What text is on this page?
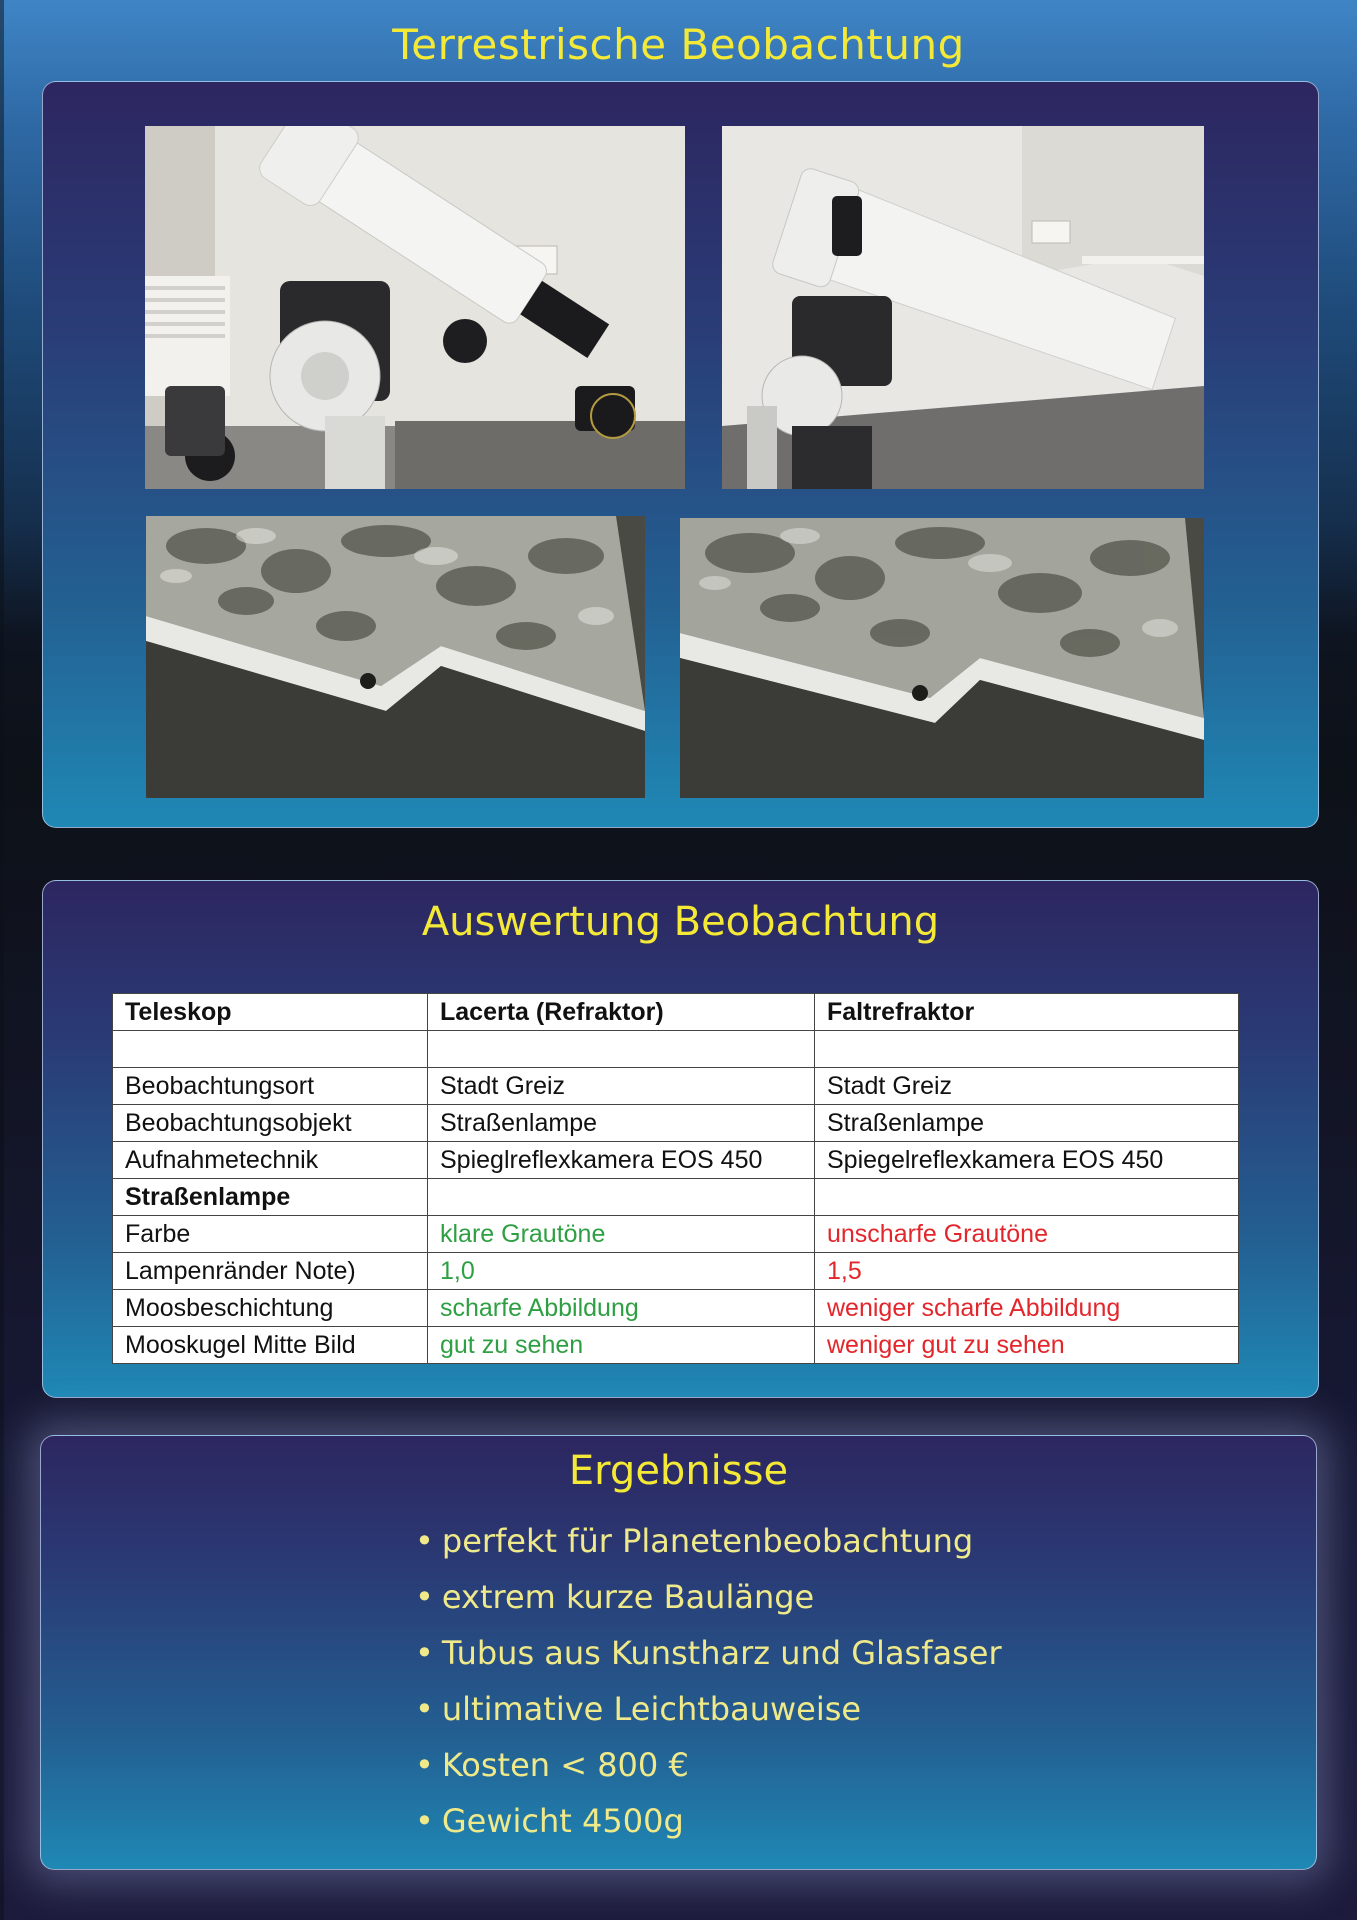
Terrestrische Beobachtung
Auswertung Beobachtung
Teleskop	Lacerta (Refraktor)	Faltrefraktor

Beobachtungsort	Stadt Greiz	Stadt Greiz
Beobachtungsobjekt	Straßenlampe	Straßenlampe
Aufnahmetechnik	Spieglreflexkamera EOS 450	Spiegelreflexkamera EOS 450
Straßenlampe		
Farbe	klare Grautöne	unscharfe Grautöne
Lampenränder Note)	1,0	1,5
Moosbeschichtung	scharfe Abbildung	weniger scharfe Abbildung
Mooskugel Mitte Bild	gut zu sehen	weniger gut zu sehen
Ergebnisse
• perfekt für Planetenbeobachtung
• extrem kurze Baulänge
• Tubus aus Kunstharz und Glasfaser
• ultimative Leichtbauweise
• Kosten < 800 €
• Gewicht 4500g
